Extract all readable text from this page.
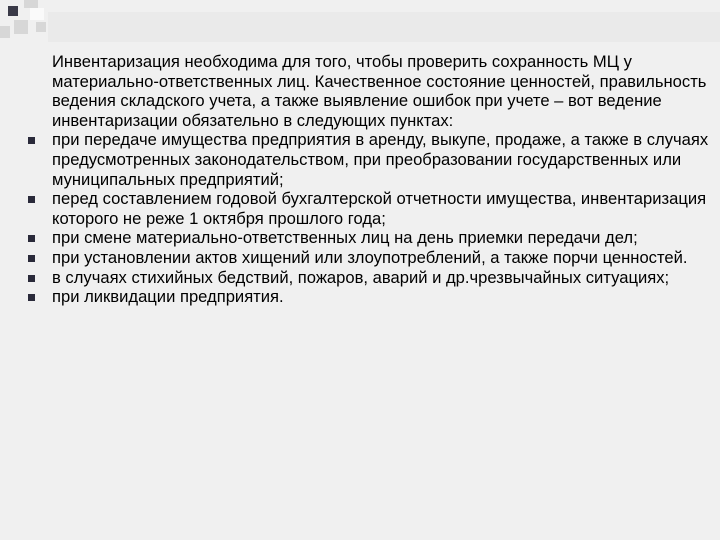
Инвентаризация необходима для того, чтобы проверить сохранность МЦ у материально-ответственных лиц. Качественное состояние ценностей, правильность ведения складского учета, а также выявление ошибок при учете – вот ведение инвентаризации обязательно в следующих пунктах:

при передаче имущества предприятия в аренду, выкупе, продаже, а также в случаях предусмотренных законодательством, при преобразовании государственных или муниципальных предприятий;
перед составлением годовой бухгалтерской отчетности имущества, инвентаризация которого не реже 1 октября прошлого года;
при смене материально-ответственных лиц на день приемки передачи дел;
при установлении актов хищений или злоупотреблений, а также порчи ценностей.
в случаях стихийных бедствий, пожаров, аварий и др.чрезвычайных ситуациях;
при ликвидации предприятия.
